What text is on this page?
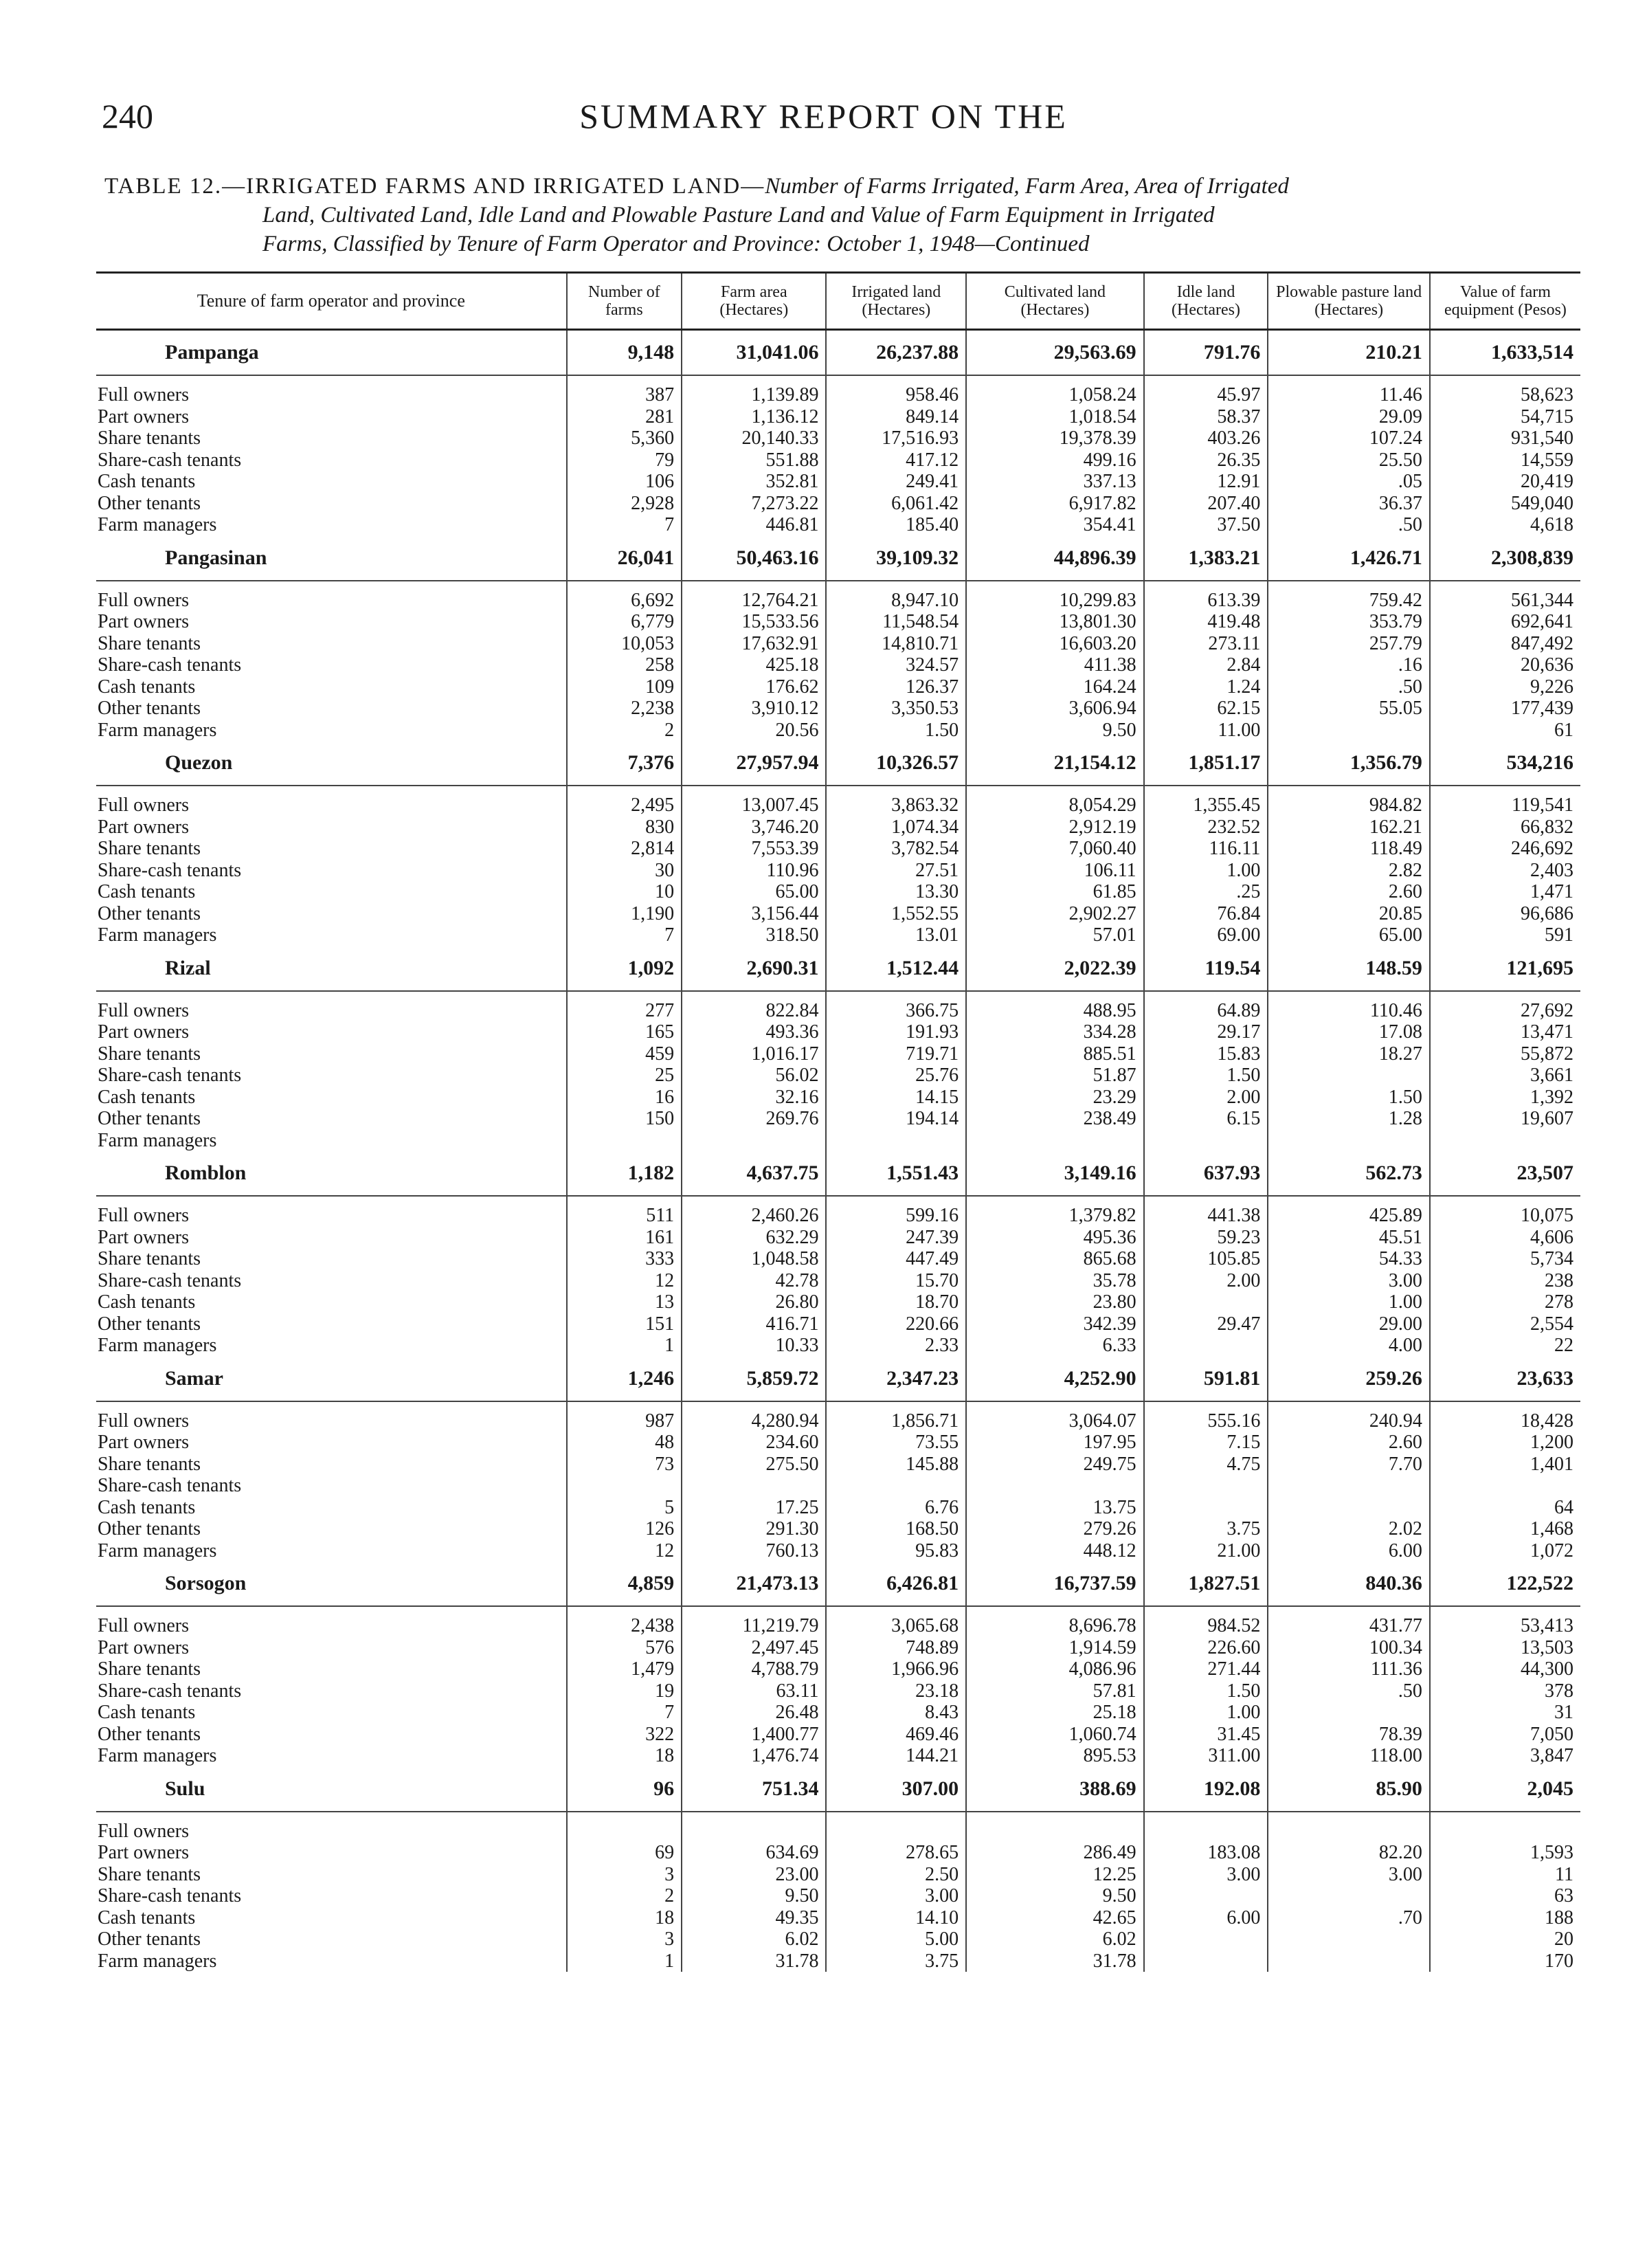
240	SUMMARY REPORT ON THE
TABLE 12.—IRRIGATED FARMS AND IRRIGATED LAND—Number of Farms Irrigated, Farm Area, Area of Irrigated
Land, Cultivated Land, Idle Land and Plowable Pasture Land and Value of Farm Equipment in Irrigated
Farms, Classified by Tenure of Farm Operator and Province: October 1, 1948—Continued
Tenure of farm operator and province	Number of farms	Farm area (Hectares)	Irrigated land (Hectares)	Cultivated land (Hectares)	Idle land (Hectares)	Plowable pasture land (Hectares)	Value of farm equipment (Pesos)
Pampanga	9,148	31,041.06	26,237.88	29,563.69	791.76	210.21	1,633,514
Full owners	387	1,139.89	958.46	1,058.24	45.97	11.46	58,623
Part owners	281	1,136.12	849.14	1,018.54	58.37	29.09	54,715
Share tenants	5,360	20,140.33	17,516.93	19,378.39	403.26	107.24	931,540
Share-cash tenants	79	551.88	417.12	499.16	26.35	25.50	14,559
Cash tenants	106	352.81	249.41	337.13	12.91	.05	20,419
Other tenants	2,928	7,273.22	6,061.42	6,917.82	207.40	36.37	549,040
Farm managers	7	446.81	185.40	354.41	37.50	.50	4,618
Pangasinan	26,041	50,463.16	39,109.32	44,896.39	1,383.21	1,426.71	2,308,839
Full owners	6,692	12,764.21	8,947.10	10,299.83	613.39	759.42	561,344
Part owners	6,779	15,533.56	11,548.54	13,801.30	419.48	353.79	692,641
Share tenants	10,053	17,632.91	14,810.71	16,603.20	273.11	257.79	847,492
Share-cash tenants	258	425.18	324.57	411.38	2.84	.16	20,636
Cash tenants	109	176.62	126.37	164.24	1.24	.50	9,226
Other tenants	2,238	3,910.12	3,350.53	3,606.94	62.15	55.05	177,439
Farm managers	2	20.56	1.50	9.50	11.00		61
Quezon	7,376	27,957.94	10,326.57	21,154.12	1,851.17	1,356.79	534,216
Full owners	2,495	13,007.45	3,863.32	8,054.29	1,355.45	984.82	119,541
Part owners	830	3,746.20	1,074.34	2,912.19	232.52	162.21	66,832
Share tenants	2,814	7,553.39	3,782.54	7,060.40	116.11	118.49	246,692
Share-cash tenants	30	110.96	27.51	106.11	1.00	2.82	2,403
Cash tenants	10	65.00	13.30	61.85	.25	2.60	1,471
Other tenants	1,190	3,156.44	1,552.55	2,902.27	76.84	20.85	96,686
Farm managers	7	318.50	13.01	57.01	69.00	65.00	591
Rizal	1,092	2,690.31	1,512.44	2,022.39	119.54	148.59	121,695
Full owners	277	822.84	366.75	488.95	64.89	110.46	27,692
Part owners	165	493.36	191.93	334.28	29.17	17.08	13,471
Share tenants	459	1,016.17	719.71	885.51	15.83	18.27	55,872
Share-cash tenants	25	56.02	25.76	51.87	1.50		3,661
Cash tenants	16	32.16	14.15	23.29	2.00	1.50	1,392
Other tenants	150	269.76	194.14	238.49	6.15	1.28	19,607
Farm managers							
Romblon	1,182	4,637.75	1,551.43	3,149.16	637.93	562.73	23,507
Full owners	511	2,460.26	599.16	1,379.82	441.38	425.89	10,075
Part owners	161	632.29	247.39	495.36	59.23	45.51	4,606
Share tenants	333	1,048.58	447.49	865.68	105.85	54.33	5,734
Share-cash tenants	12	42.78	15.70	35.78	2.00	3.00	238
Cash tenants	13	26.80	18.70	23.80		1.00	278
Other tenants	151	416.71	220.66	342.39	29.47	29.00	2,554
Farm managers	1	10.33	2.33	6.33		4.00	22
Samar	1,246	5,859.72	2,347.23	4,252.90	591.81	259.26	23,633
Full owners	987	4,280.94	1,856.71	3,064.07	555.16	240.94	18,428
Part owners	48	234.60	73.55	197.95	7.15	2.60	1,200
Share tenants	73	275.50	145.88	249.75	4.75	7.70	1,401
Share-cash tenants							
Cash tenants	5	17.25	6.76	13.75			64
Other tenants	126	291.30	168.50	279.26	3.75	2.02	1,468
Farm managers	12	760.13	95.83	448.12	21.00	6.00	1,072
Sorsogon	4,859	21,473.13	6,426.81	16,737.59	1,827.51	840.36	122,522
Full owners	2,438	11,219.79	3,065.68	8,696.78	984.52	431.77	53,413
Part owners	576	2,497.45	748.89	1,914.59	226.60	100.34	13,503
Share tenants	1,479	4,788.79	1,966.96	4,086.96	271.44	111.36	44,300
Share-cash tenants	19	63.11	23.18	57.81	1.50	.50	378
Cash tenants	7	26.48	8.43	25.18	1.00		31
Other tenants	322	1,400.77	469.46	1,060.74	31.45	78.39	7,050
Farm managers	18	1,476.74	144.21	895.53	311.00	118.00	3,847
Sulu	96	751.34	307.00	388.69	192.08	85.90	2,045
Full owners							
Part owners	69	634.69	278.65	286.49	183.08	82.20	1,593
Share tenants	3	23.00	2.50	12.25	3.00	3.00	11
Share-cash tenants	2	9.50	3.00	9.50			63
Cash tenants	18	49.35	14.10	42.65	6.00	.70	188
Other tenants	3	6.02	5.00	6.02			20
Farm managers	1	31.78	3.75	31.78			170
